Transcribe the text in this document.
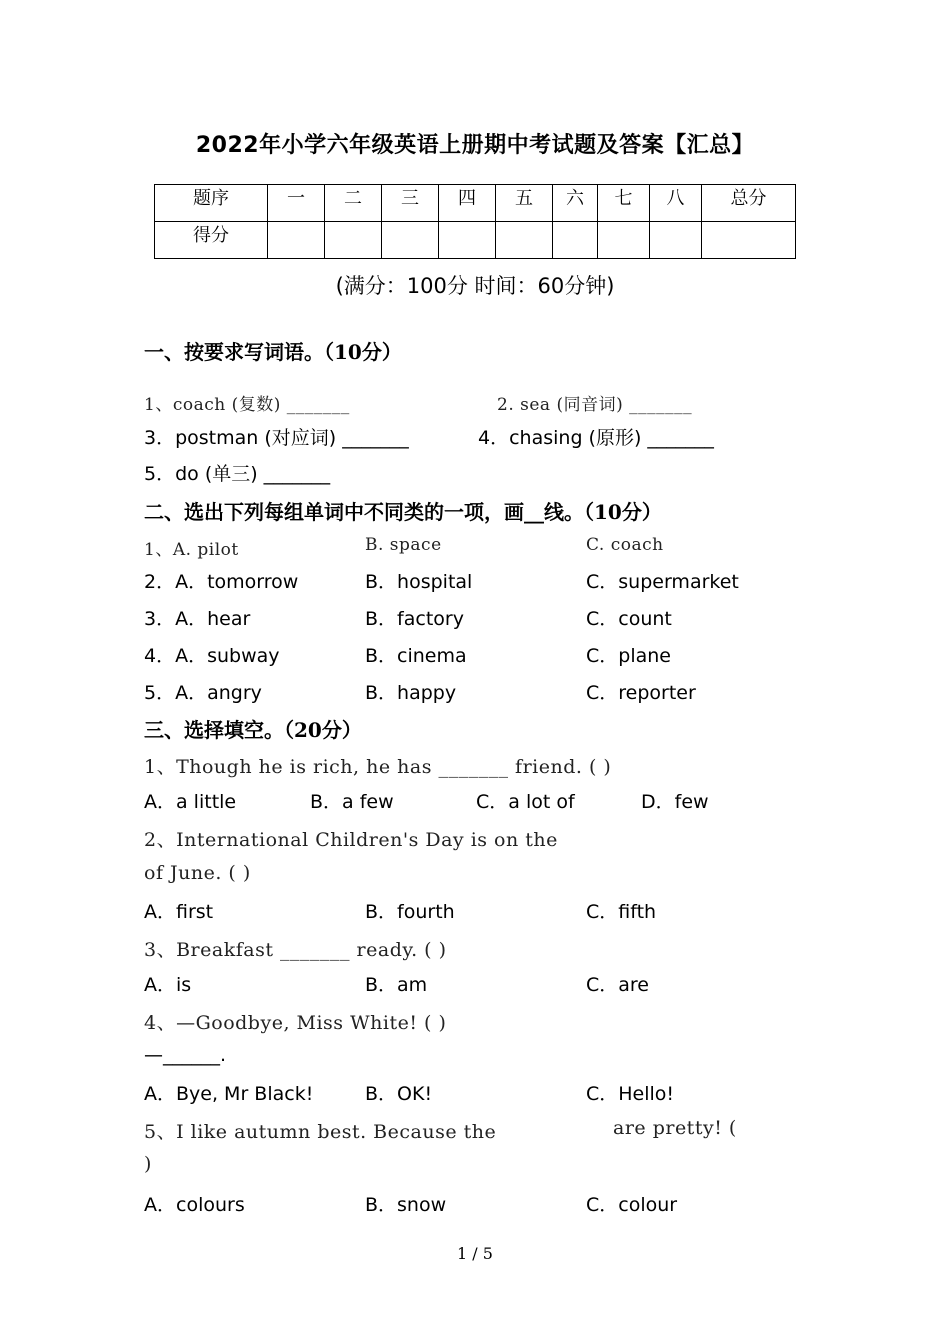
2022年小学六年级英语上册期中考试题及答案【汇总】
题序	一	二	三	四	五	六	七	八	总分
得分									
(满分：100分 时间：60分钟)
一、按要求写词语。（10分）
1、coach (复数) _______	2. sea (同音词) _______
3．postman (对应词) _______	4．chasing (原形) _______
5．do (单三) _______
二、选出下列每组单词中不同类的一项，画__线。（10分）
1、A. pilot	B. space	C. coach
2．A．tomorrow	B．hospital	C．supermarket
3．A．hear	B．factory	C．count
4．A．subway	B．cinema	C．plane
5．A．angry	B．happy	C．reporter
三、选择填空。（20分）
1、Though he is rich, he has _______ friend. ( )
A．a little	B．a few	C．a lot of	D．few
2、International Children's Day is on the
of June. ( )
A．first	B．fourth	C．fifth
3、Breakfast _______ ready. ( )
A．is	B．am	C．are
4、—Goodbye, Miss White! ( )
—______.
A．Bye, Mr Black!	B．OK!	C．Hello!
5、I like autumn best. Because the	are pretty! (
)
A．colours	B．snow	C．colour
1 / 5
